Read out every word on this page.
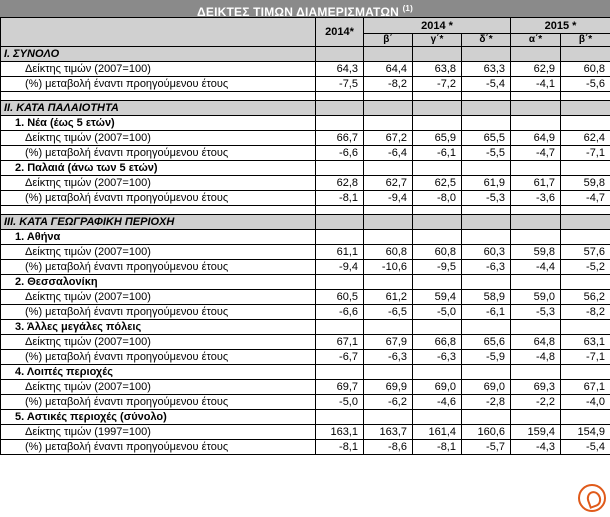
ΔΕΙΚΤΕΣ ΤΙΜΩΝ ΔΙΑΜΕΡΙΣΜΑΤΩΝ $^{(1)}$
	2014*	2014 *			2015 *	
		β΄	γ΄*	δ΄*	α΄*	β΄*
I. ΣΥΝΟΛΟ						
Δείκτης τιμών (2007=100)	64,3	64,4	63,8	63,3	62,9	60,8
(%) μεταβολή έναντι προηγούμενου έτους	-7,5	-8,2	-7,2	-5,4	-4,1	-5,6

II. ΚΑΤΑ ΠΑΛΑΙΟΤΗΤΑ						
1. Νέα (έως 5 ετών)						
Δείκτης τιμών (2007=100)	66,7	67,2	65,9	65,5	64,9	62,4
(%) μεταβολή έναντι προηγούμενου έτους	-6,6	-6,4	-6,1	-5,5	-4,7	-7,1
2. Παλαιά (άνω των 5 ετών)						
Δείκτης τιμών (2007=100)	62,8	62,7	62,5	61,9	61,7	59,8
(%) μεταβολή έναντι προηγούμενου έτους	-8,1	-9,4	-8,0	-5,3	-3,6	-4,7

III. ΚΑΤΑ ΓΕΩΓΡΑΦΙΚΗ ΠΕΡΙΟΧΗ						
1. Αθήνα						
Δείκτης τιμών (2007=100)	61,1	60,8	60,8	60,3	59,8	57,6
(%) μεταβολή έναντι προηγούμενου έτους	-9,4	-10,6	-9,5	-6,3	-4,4	-5,2
2. Θεσσαλονίκη						
Δείκτης τιμών (2007=100)	60,5	61,2	59,4	58,9	59,0	56,2
(%) μεταβολή έναντι προηγούμενου έτους	-6,6	-6,5	-5,0	-6,1	-5,3	-8,2
3. Άλλες μεγάλες πόλεις						
Δείκτης τιμών (2007=100)	67,1	67,9	66,8	65,6	64,8	63,1
(%) μεταβολή έναντι προηγούμενου έτους	-6,7	-6,3	-6,3	-5,9	-4,8	-7,1
4. Λοιπές περιοχές						
Δείκτης τιμών (2007=100)	69,7	69,9	69,0	69,0	69,3	67,1
(%) μεταβολή έναντι προηγούμενου έτους	-5,0	-6,2	-4,6	-2,8	-2,2	-4,0
5. Αστικές περιοχές (σύνολο)						
Δείκτης τιμών (1997=100)	163,1	163,7	161,4	160,6	159,4	154,9
(%) μεταβολή έναντι προηγούμενου έτους	-8,1	-8,6	-8,1	-5,7	-4,3	-5,4
